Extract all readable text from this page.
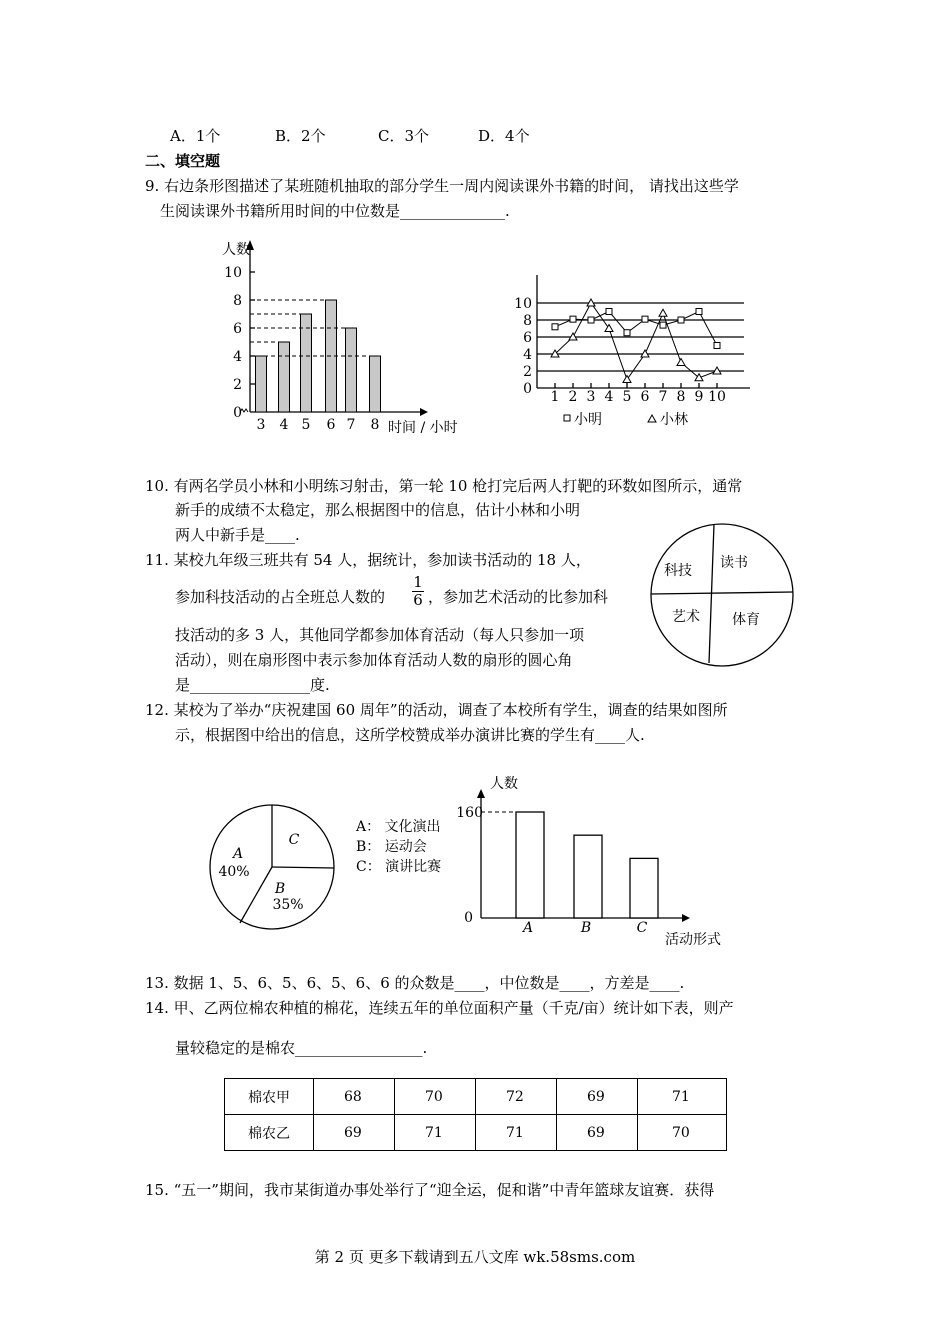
A．1个	B．2个	C．3个	D．4个
二、填空题
9. 右边条形图描述了某班随机抽取的部分学生一周内阅读课外书籍的时间， 请找出这些学
生阅读课外书籍所用时间的中位数是______________.
10. 有两名学员小林和小明练习射击，第一轮 10 枪打完后两人打靶的环数如图所示，通常
新手的成绩不太稳定，那么根据图中的信息，估计小林和小明
两人中新手是____.
11. 某校九年级三班共有 54 人，据统计，参加读书活动的 18 人，
参加科技活动的占全班总人数的
1
6 ，参加艺术活动的比参加科
技活动的多 3 人，其他同学都参加体育活动（每人只参加一项
活动），则在扇形图中表示参加体育活动人数的扇形的圆心角
是________________度.
12. 某校为了举办“庆祝建国 60 周年”的活动，调查了本校所有学生，调查的结果如图所
示，根据图中给出的信息，这所学校赞成举办演讲比赛的学生有____人.
13. 数据 1、5、6、5、6、5、6、6 的众数是____，中位数是____，方差是____.
14. 甲、乙两位棉农种植的棉花，连续五年的单位面积产量（千克/亩）统计如下表，则产
量较稳定的是棉农_________________.
棉农甲	68	70	72	69	71
棉农乙	69	71	71	69	70
15. “五一”期间，我市某街道办事处举行了“迎全运，促和谐”中青年篮球友谊赛．获得
第 2 页 更多下载请到五八文库 wk.58sms.com
人数
时间 / 小时
0
2
4
6
8
10
3 4 5 6 7 8
0
2
4
6
8
10
1 2 3 4 5 6 7 8 9 10
小明	小林
科技 读书
艺术 体育
A
40%
B
35%
C
A： 文化演出
B： 运动会
C： 演讲比赛
人数
活动形式
0
160
A	B	C
